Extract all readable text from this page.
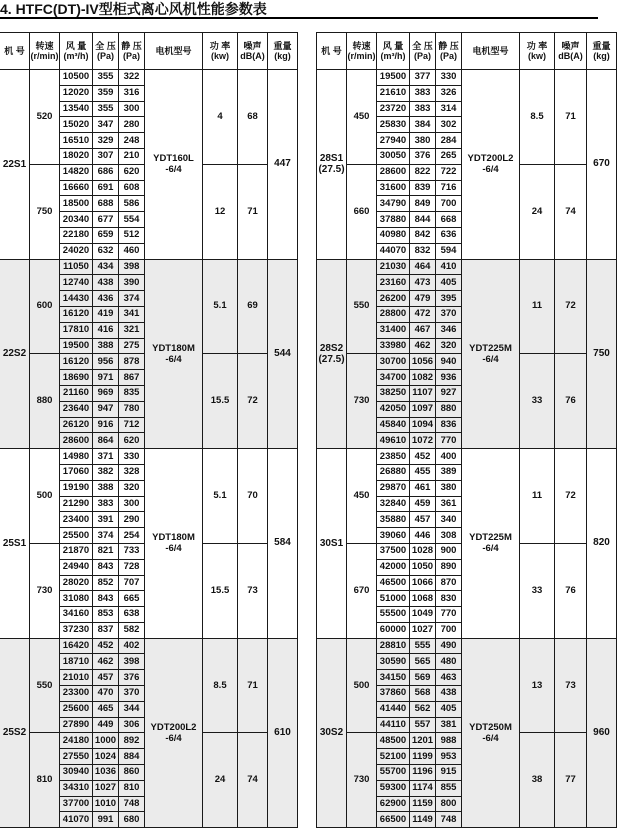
4. HTFC(DT)-IV型柜式离心风机性能参数表
机 号	转速 (r/min)	风 量 (m³/h)	全 压 (Pa)	静 压 (Pa)	电机型号	功 率 (kw)	噪声 dB(A)	重量 (kg)
22S1	520	10500	355	322	YDT160L -6/4	4	68	447
		12020	359	316				
		13540	355	300				
		15020	347	280				
		16510	329	248				
		18020	307	210				
	750	14820	686	620		12	71	
		16660	691	608				
		18500	688	586				
		20340	677	554				
		22180	659	512				
		24020	632	460				
22S2	600	11050	434	398	YDT180M -6/4	5.1	69	544
		12740	438	390				
		14430	436	374				
		16120	419	341				
		17810	416	321				
		19500	388	275				
	880	16120	956	878		15.5	72	
		18690	971	867				
		21160	969	835				
		23640	947	780				
		26120	916	712				
		28600	864	620				
25S1	500	14980	371	330	YDT180M -6/4	5.1	70	584
		17060	382	328				
		19190	388	320				
		21290	383	300				
		23400	391	290				
		25500	374	254				
	730	21870	821	733		15.5	73	
		24940	843	728				
		28020	852	707				
		31080	843	665				
		34160	853	638				
		37230	837	582				
25S2	550	16420	452	402	YDT200L2 -6/4	8.5	71	610
		18710	462	398				
		21010	457	376				
		23300	470	370				
		25600	465	344				
		27890	449	306				
	810	24180	1000	892		24	74	
		27550	1024	884				
		30940	1036	860				
		34310	1027	810				
		37700	1010	748				
		41070	991	680				
机 号	转速 (r/min)	风 量 (m³/h)	全 压 (Pa)	静 压 (Pa)	电机型号	功 率 (kw)	噪声 dB(A)	重量 (kg)
28S1 (27.5)	450	19500	377	330	YDT200L2 -6/4	8.5	71	670
		21610	383	326				
		23720	383	314				
		25830	384	302				
		27940	380	284				
		30050	376	265				
	660	28600	822	722		24	74	
		31600	839	716				
		34790	849	700				
		37880	844	668				
		40980	842	636				
		44070	832	594				
28S2 (27.5)	550	21030	464	410	YDT225M -6/4	11	72	750
		23160	473	405				
		26200	479	395				
		28800	472	370				
		31400	467	346				
		33980	462	320				
	730	30700	1056	940		33	76	
		34700	1082	936				
		38250	1107	927				
		42050	1097	880				
		45840	1094	836				
		49610	1072	770				
30S1	450	23850	452	400	YDT225M -6/4	11	72	820
		26880	455	389				
		29870	461	380				
		32840	459	361				
		35880	457	340				
		39060	446	308				
	670	37500	1028	900		33	76	
		42000	1050	890				
		46500	1066	870				
		51000	1068	830				
		55500	1049	770				
		60000	1027	700				
30S2	500	28810	555	490	YDT250M -6/4	13	73	960
		30590	565	480				
		34150	569	463				
		37860	568	438				
		41440	562	405				
		44110	557	381				
	730	48500	1201	988		38	77	
		52100	1199	953				
		55700	1196	915				
		59300	1174	855				
		62900	1159	800				
		66500	1149	748				
